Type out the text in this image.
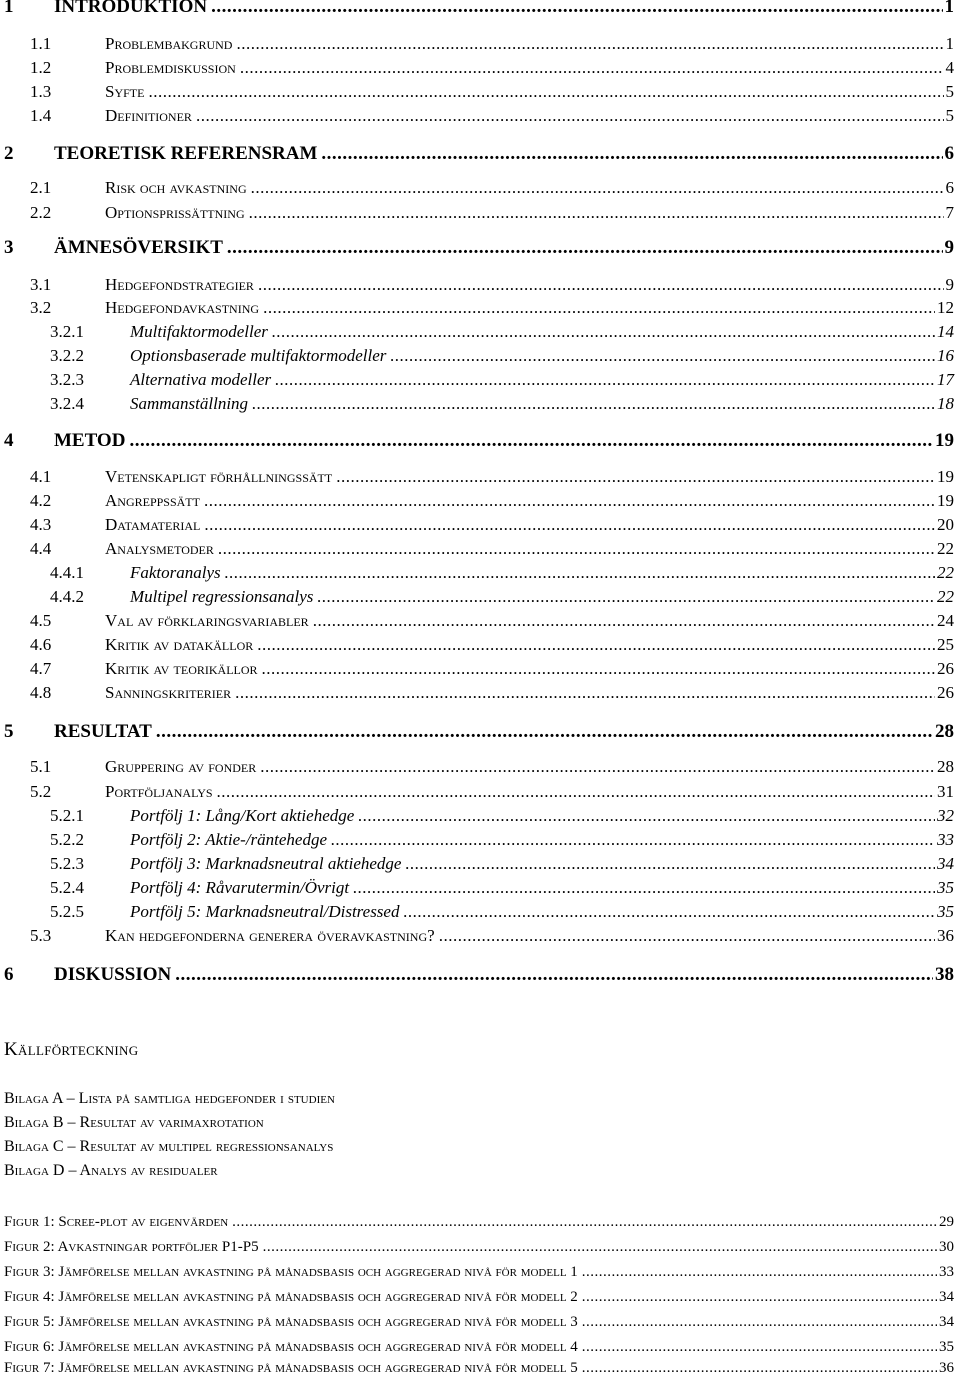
1	INTRODUKTION .....	1
1.1	Problembakgrund .....	1
1.2	Problemdiskussion .....	4
1.3	Syfte .....	5
1.4	Definitioner .....	5
2	TEORETISK REFERENSRAM .....	6
2.1	Risk och avkastning .....	6
2.2	Optionsprissättning .....	7
3	ÄMNESÖVERSIKT .....	9
3.1	Hedgefondstrategier .....	9
3.2	Hedgefondavkastning .....	12
3.2.1	Multifaktormodeller .....	14
3.2.2	Optionsbaserade multifaktormodeller .....	16
3.2.3	Alternativa modeller .....	17
3.2.4	Sammanställning .....	18
4	METOD .....	19
4.1	Vetenskapligt förhållningssätt .....	19
4.2	Angreppssätt .....	19
4.3	Datamaterial .....	20
4.4	Analysmetoder .....	22
4.4.1	Faktoranalys .....	22
4.4.2	Multipel regressionsanalys .....	22
4.5	Val av förklaringsvariabler .....	24
4.6	Kritik av datakällor .....	25
4.7	Kritik av teorikällor .....	26
4.8	Sanningskriterier .....	26
5	RESULTAT .....	28
5.1	Gruppering av fonder .....	28
5.2	Portföljanalys .....	31
5.2.1	Portfölj 1: Lång/Kort aktiehedge .....	32
5.2.2	Portfölj 2: Aktie-/räntehedge .....	33
5.2.3	Portfölj 3: Marknadsneutral aktiehedge .....	34
5.2.4	Portfölj 4: Råvarutermin/Övrigt .....	35
5.2.5	Portfölj 5: Marknadsneutral/Distressed .....	35
5.3	Kan hedgefonderna generera överavkastning? .....	36
6	DISKUSSION .....	38
Källförteckning
Bilaga A – Lista på samtliga hedgefonder i studien
Bilaga B – Resultat av varimaxrotation
Bilaga C – Resultat av multipel regressionsanalys
Bilaga D – Analys av residualer
Figur 1: Scree-plot av eigenvärden .....	29
Figur 2: Avkastningar portföljer P1-P5 .....	30
Figur 3: Jämförelse mellan avkastning på månadsbasis och aggregerad nivå för modell 1 .....	33
Figur 4: Jämförelse mellan avkastning på månadsbasis och aggregerad nivå för modell 2 .....	34
Figur 5: Jämförelse mellan avkastning på månadsbasis och aggregerad nivå för modell 3 .....	34
Figur 6: Jämförelse mellan avkastning på månadsbasis och aggregerad nivå för modell 4 .....	35
Figur 7: Jämförelse mellan avkastning på månadsbasis och aggregerad nivå för modell 5 .....	36
